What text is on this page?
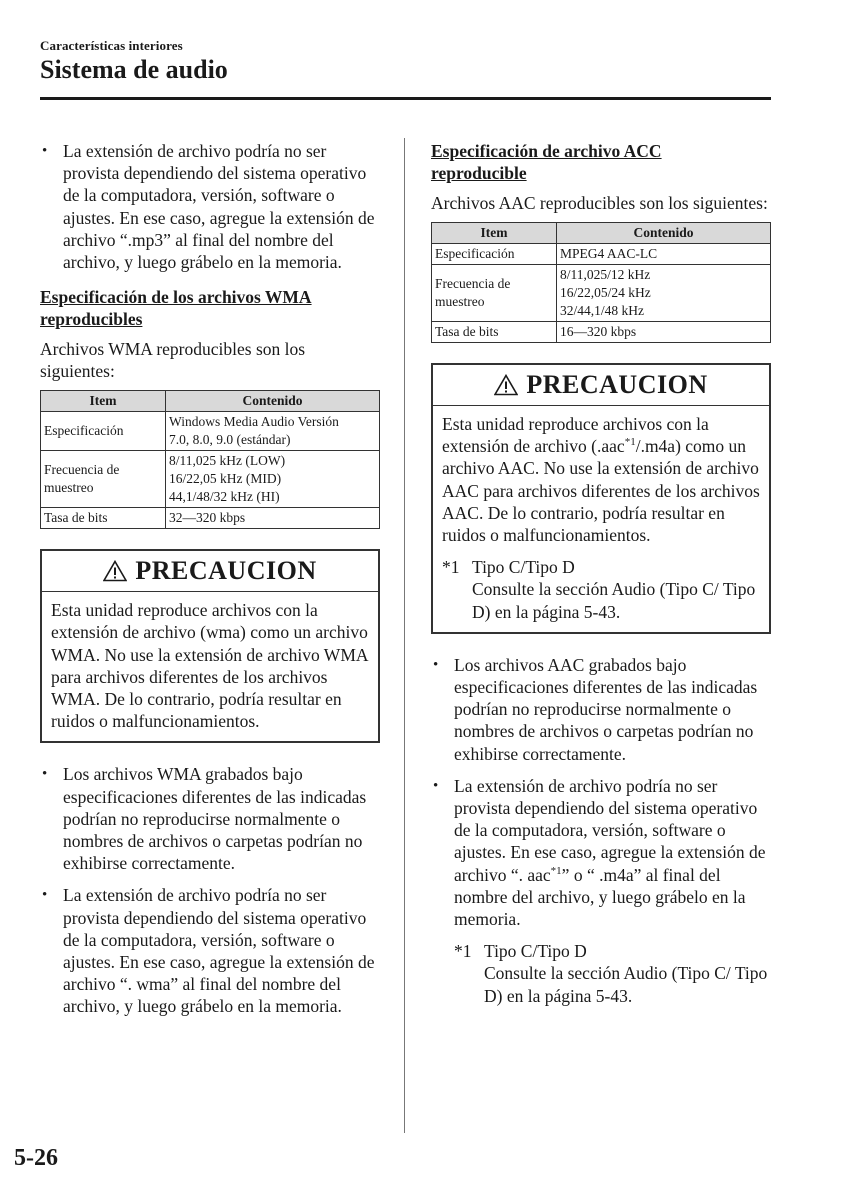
Características interiores
Sistema de audio
• La extensión de archivo podría no ser provista dependiendo del sistema operativo de la computadora, versión, software o ajustes. En ese caso, agregue la extensión de archivo “.mp3” al final del nombre del archivo, y luego grábelo en la memoria.
Especificación de los archivos WMA
reproducibles
Archivos WMA reproducibles son los siguientes:
Item	Contenido
Especificación	Windows Media Audio Versión
7.0, 8.0, 9.0 (estándar)

Frecuencia de muestreo	8/11,025 kHz (LOW)
16/22,05 kHz (MID)
44,1/48/32 kHz (HI)

Tasa de bits	32―320 kbps
PRECAUCION
Esta unidad reproduce archivos con la extensión de archivo (wma) como un archivo WMA. No use la extensión de archivo WMA para archivos diferentes de los archivos WMA. De lo contrario, podría resultar en ruidos o malfuncionamientos.
• Los archivos WMA grabados bajo especificaciones diferentes de las indicadas podrían no reproducirse normalmente o nombres de archivos o carpetas podrían no exhibirse correctamente.
• La extensión de archivo podría no ser provista dependiendo del sistema operativo de la computadora, versión, software o ajustes. En ese caso, agregue la extensión de archivo “. wma” al final del nombre del archivo, y luego grábelo en la memoria.
Especificación de archivo ACC
reproducible
Archivos AAC reproducibles son los siguientes:
Item	Contenido
Especificación	MPEG4 AAC-LC

Frecuencia de muestreo	8/11,025/12 kHz
16/22,05/24 kHz
32/44,1/48 kHz

Tasa de bits	16―320 kbps
PRECAUCION
Esta unidad reproduce archivos con la extensión de archivo (.aac$^{*1}$/.m4a) como un archivo AAC. No use la extensión de archivo AAC para archivos diferentes de los archivos AAC. De lo contrario, podría resultar en ruidos o malfuncionamientos.
*1 Tipo C/Tipo D
Consulte la sección Audio (Tipo C/ Tipo D) en la página 5-43.
• Los archivos AAC grabados bajo especificaciones diferentes de las indicadas podrían no reproducirse normalmente o nombres de archivos o carpetas podrían no exhibirse correctamente.
• La extensión de archivo podría no ser provista dependiendo del sistema operativo de la computadora, versión, software o ajustes. En ese caso, agregue la extensión de archivo “. aac$^{*1}$” o “ .m4a” al final del nombre del archivo, y luego grábelo en la memoria.
*1 Tipo C/Tipo D
Consulte la sección Audio (Tipo C/ Tipo D) en la página 5-43.
5-26
